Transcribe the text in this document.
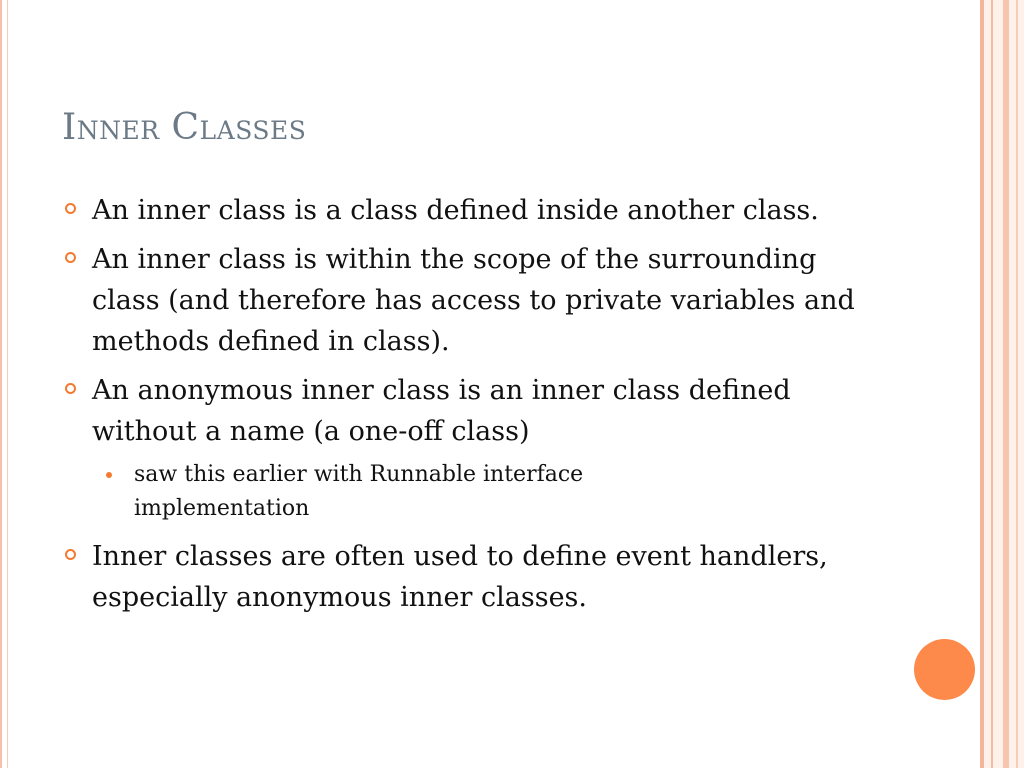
Inner Classes
An inner class is a class defined inside another class.
An inner class is within the scope of the surrounding class (and therefore has access to private variables and methods defined in class).
An anonymous inner class is an inner class defined without a name (a one-off class)
saw this earlier with Runnable interface implementation
Inner classes are often used to define event handlers, especially anonymous inner classes.
